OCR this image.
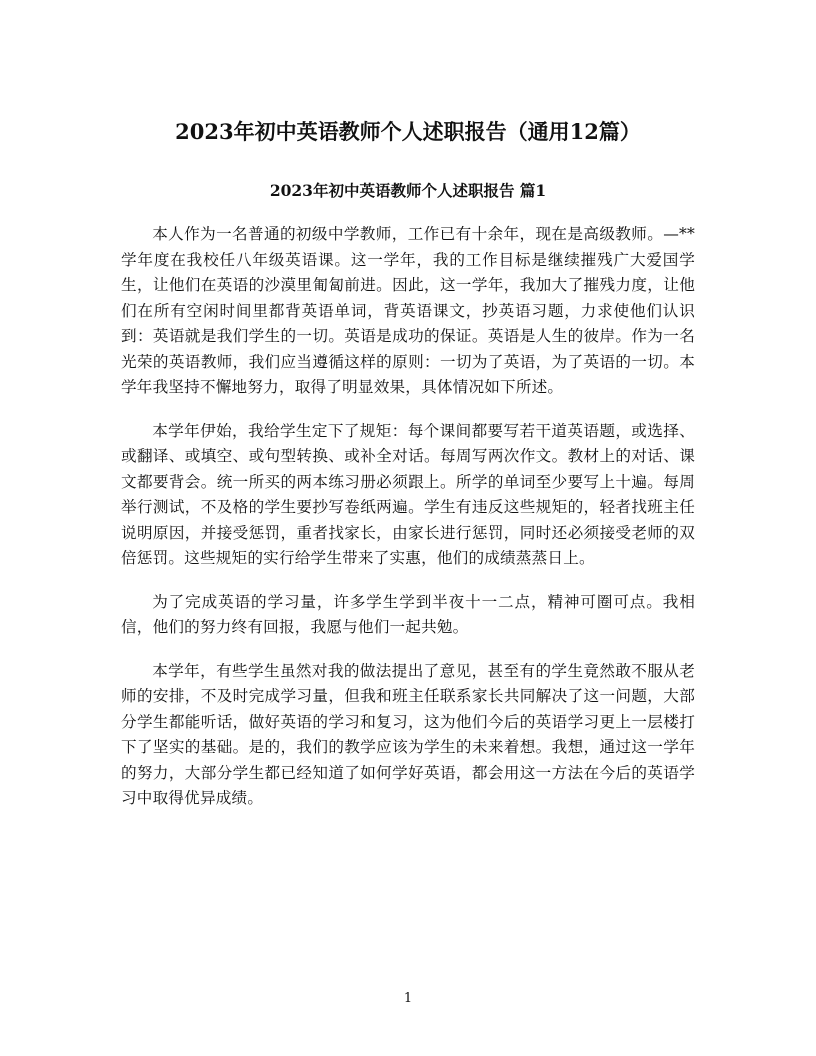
2023年初中英语教师个人述职报告（通用12篇）
2023年初中英语教师个人述职报告 篇1

本人作为一名普通的初级中学教师，工作已有十余年，现在是高级教师。—**学年度在我校任八年级英语课。这一学年，我的工作目标是继续摧残广大爱国学生，让他们在英语的沙漠里匍匐前进。因此，这一学年，我加大了摧残力度，让他们在所有空闲时间里都背英语单词，背英语课文，抄英语习题，力求使他们认识到：英语就是我们学生的一切。英语是成功的保证。英语是人生的彼岸。作为一名光荣的英语教师，我们应当遵循这样的原则：一切为了英语，为了英语的一切。本学年我坚持不懈地努力，取得了明显效果，具体情况如下所述。

本学年伊始，我给学生定下了规矩：每个课间都要写若干道英语题，或选择、或翻译、或填空、或句型转换、或补全对话。每周写两次作文。教材上的对话、课文都要背会。统一所买的两本练习册必须跟上。所学的单词至少要写上十遍。每周举行测试，不及格的学生要抄写卷纸两遍。学生有违反这些规矩的，轻者找班主任说明原因，并接受惩罚，重者找家长，由家长进行惩罚，同时还必须接受老师的双倍惩罚。这些规矩的实行给学生带来了实惠，他们的成绩蒸蒸日上。

为了完成英语的学习量，许多学生学到半夜十一二点，精神可圈可点。我相信，他们的努力终有回报，我愿与他们一起共勉。

本学年，有些学生虽然对我的做法提出了意见，甚至有的学生竟然敢不服从老师的安排，不及时完成学习量，但我和班主任联系家长共同解决了这一问题，大部分学生都能听话，做好英语的学习和复习，这为他们今后的英语学习更上一层楼打下了坚实的基础。是的，我们的教学应该为学生的未来着想。我想，通过这一学年的努力，大部分学生都已经知道了如何学好英语，都会用这一方法在今后的英语学习中取得优异成绩。

1
